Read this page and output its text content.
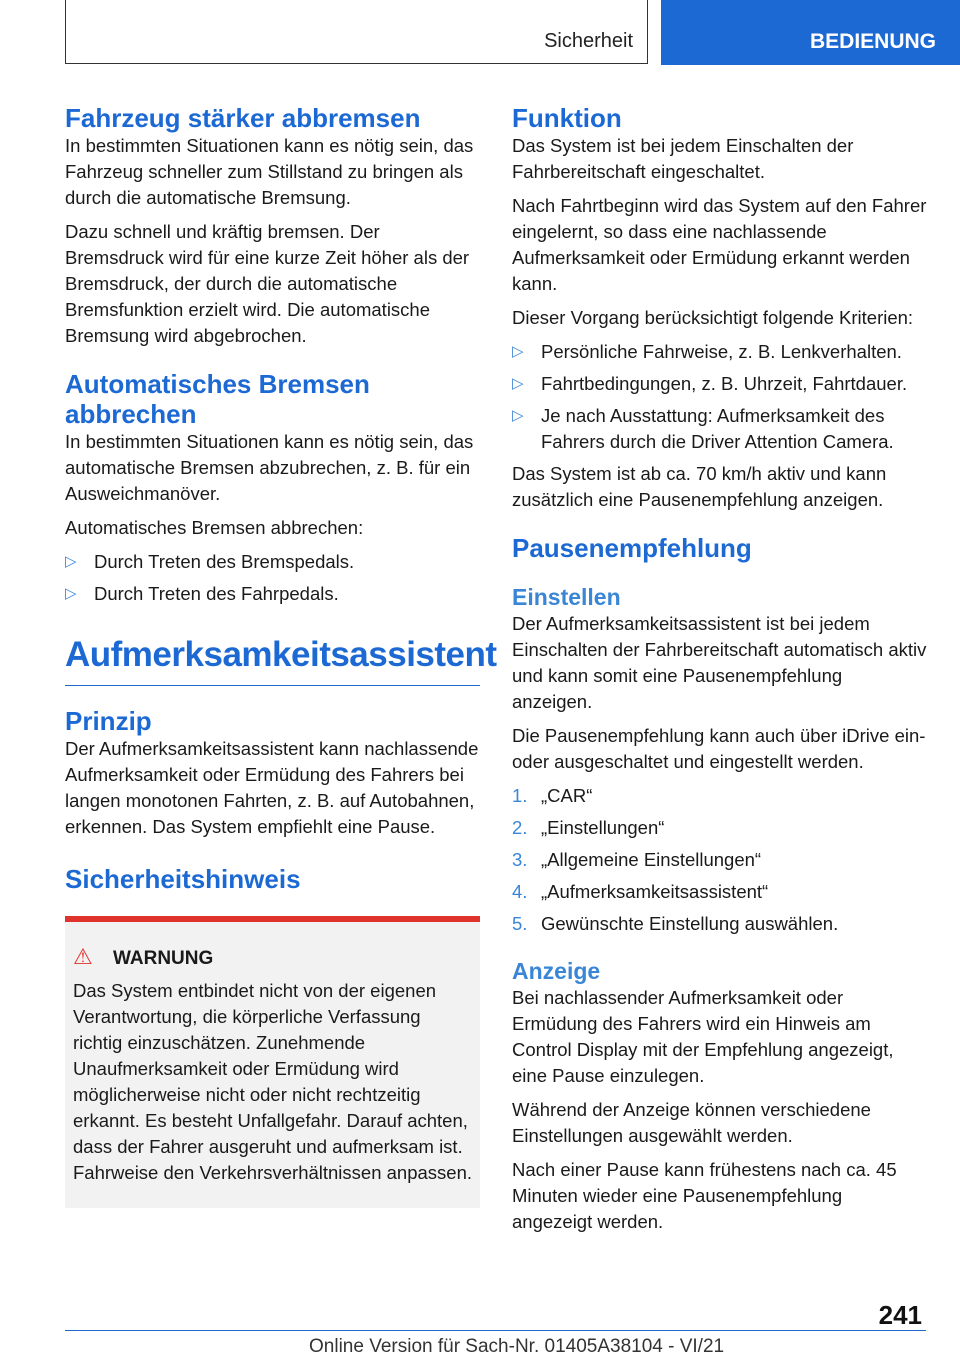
Sicherheit	BEDIENUNG
Fahrzeug stärker abbremsen

In bestimmten Situationen kann es nötig sein, das Fahrzeug schneller zum Stillstand zu bringen als durch die automatische Bremsung.

Dazu schnell und kräftig bremsen. Der Bremsdruck wird für eine kurze Zeit höher als der Bremsdruck, der durch die automatische Bremsfunktion erzielt wird. Die automatische Bremsung wird abgebrochen.

Automatisches Bremsen abbrechen

In bestimmten Situationen kann es nötig sein, das automatische Bremsen abzubrechen, z. B. für ein Ausweichmanöver.

Automatisches Bremsen abbrechen:

▷ Durch Treten des Bremspedals.
▷ Durch Treten des Fahrpedals.
Aufmerksamkeitsassistent
Prinzip

Der Aufmerksamkeitsassistent kann nachlassende Aufmerksamkeit oder Ermüdung des Fahrers bei langen monotonen Fahrten, z. B. auf Autobahnen, erkennen. Das System empfiehlt eine Pause.

Sicherheitshinweis
⚠ WARNUNG

Das System entbindet nicht von der eigenen Verantwortung, die körperliche Verfassung richtig einzuschätzen. Zunehmende Unaufmerksamkeit oder Ermüdung wird möglicherweise nicht oder nicht rechtzeitig erkannt. Es besteht Unfallgefahr. Darauf achten, dass der Fahrer ausgeruht und aufmerksam ist. Fahrweise den Verkehrsverhältnissen anpassen.

Funktion

Das System ist bei jedem Einschalten der Fahrbereitschaft eingeschaltet.

Nach Fahrtbeginn wird das System auf den Fahrer eingelernt, so dass eine nachlassende Aufmerksamkeit oder Ermüdung erkannt werden kann.

Dieser Vorgang berücksichtigt folgende Kriterien:

▷ Persönliche Fahrweise, z. B. Lenkverhalten.
▷ Fahrtbedingungen, z. B. Uhrzeit, Fahrtdauer.
▷ Je nach Ausstattung: Aufmerksamkeit des Fahrers durch die Driver Attention Camera.

Das System ist ab ca. 70 km/h aktiv und kann zusätzlich eine Pausenempfehlung anzeigen.

Pausenempfehlung
Einstellen

Der Aufmerksamkeitsassistent ist bei jedem Einschalten der Fahrbereitschaft automatisch aktiv und kann somit eine Pausenempfehlung anzeigen.

Die Pausenempfehlung kann auch über iDrive ein- oder ausgeschaltet und eingestellt werden.

1. „CAR“
2. „Einstellungen“
3. „Allgemeine Einstellungen“
4. „Aufmerksamkeitsassistent“
5. Gewünschte Einstellung auswählen.
Anzeige

Bei nachlassender Aufmerksamkeit oder Ermüdung des Fahrers wird ein Hinweis am Control Display mit der Empfehlung angezeigt, eine Pause einzulegen.

Während der Anzeige können verschiedene Einstellungen ausgewählt werden.

Nach einer Pause kann frühestens nach ca. 45 Minuten wieder eine Pausenempfehlung angezeigt werden.

241
Online Version für Sach-Nr. 01405A38104 - VI/21
